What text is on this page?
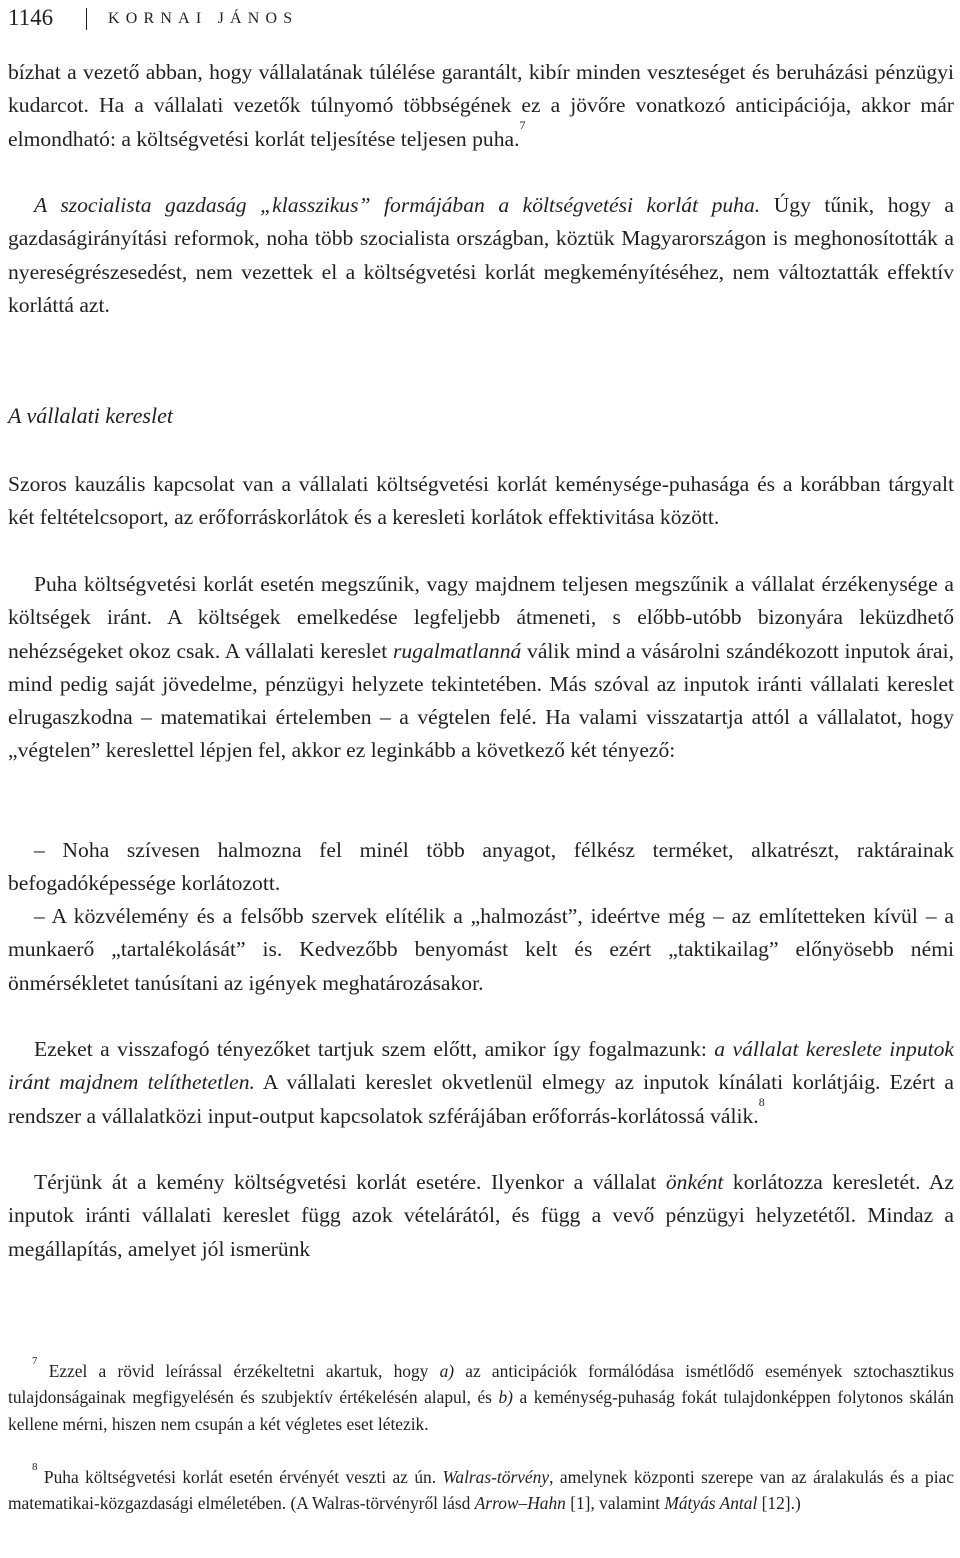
1146	KORNAI JÁNOS

bízhat a vezető abban, hogy vállalatának túlélése garantált, kibír minden veszteséget és beruházási pénzügyi kudarcot. Ha a vállalati vezetők túlnyomó többségének ez a jövőre vonatkozó anticipációja, akkor már elmondható: a költségvetési korlát teljesítése teljesen puha.$^7$

A szocialista gazdaság „klasszikus” formájában a költségvetési korlát puha. Úgy tűnik, hogy a gazdaságirányítási reformok, noha több szocialista országban, köztük Magyarországon is meghonosították a nyereségrészesedést, nem vezettek el a költségvetési korlát megkeményítéséhez, nem változtatták effektív korláttá azt.

A vállalati kereslet

Szoros kauzális kapcsolat van a vállalati költségvetési korlát keménysége-puhasága és a korábban tárgyalt két feltételcsoport, az erőforráskorlátok és a keresleti korlátok effektivitása között.

Puha költségvetési korlát esetén megszűnik, vagy majdnem teljesen megszűnik a vállalat érzékenysége a költségek iránt. A költségek emelkedése legfeljebb átmeneti, s előbb-utóbb bizonyára leküzdhető nehézségeket okoz csak. A vállalati kereslet rugalmatlanná válik mind a vásárolni szándékozott inputok árai, mind pedig saját jövedelme, pénzügyi helyzete tekintetében. Más szóval az inputok iránti vállalati kereslet elrugaszkodna – matematikai értelemben – a végtelen felé. Ha valami visszatartja attól a vállalatot, hogy „végtelen” kereslettel lépjen fel, akkor ez leginkább a következő két tényező:

– Noha szívesen halmozna fel minél több anyagot, félkész terméket, alkatrészt, raktárainak befogadóképessége korlátozott.

– A közvélemény és a felsőbb szervek elítélik a „halmozást”, ideértve még – az említetteken kívül – a munkaerő „tartalékolását” is. Kedvezőbb benyomást kelt és ezért „taktikailag” előnyösebb némi önmérsékletet tanúsítani az igények meghatározásakor.

Ezeket a visszafogó tényezőket tartjuk szem előtt, amikor így fogalmazunk: a vállalat kereslete inputok iránt majdnem telíthetetlen. A vállalati kereslet okvetlenül elmegy az inputok kínálati korlátjáig. Ezért a rendszer a vállalatközi input-output kapcsolatok szférájában erőforrás-korlátossá válik.$^8$

Térjünk át a kemény költségvetési korlát esetére. Ilyenkor a vállalat önként korlátozza keresletét. Az inputok iránti vállalati kereslet függ azok vételárától, és függ a vevő pénzügyi helyzetétől. Mindaz a megállapítás, amelyet jól ismerünk

$^7$ Ezzel a rövid leírással érzékeltetni akartuk, hogy a) az anticipációk formálódása ismétlődő események sztochasztikus tulajdonságainak megfigyelésén és szubjektív értékelésén alapul, és b) a keménység-puhaság fokát tulajdonképpen folytonos skálán kellene mérni, hiszen nem csupán a két végletes eset létezik.

$^8$ Puha költségvetési korlát esetén érvényét veszti az ún. Walras-törvény, amelynek központi szerepe van az áralakulás és a piac matematikai-közgazdasági elméletében. (A Walras-törvényről lásd Arrow–Hahn [1], valamint Mátyás Antal [12].)
